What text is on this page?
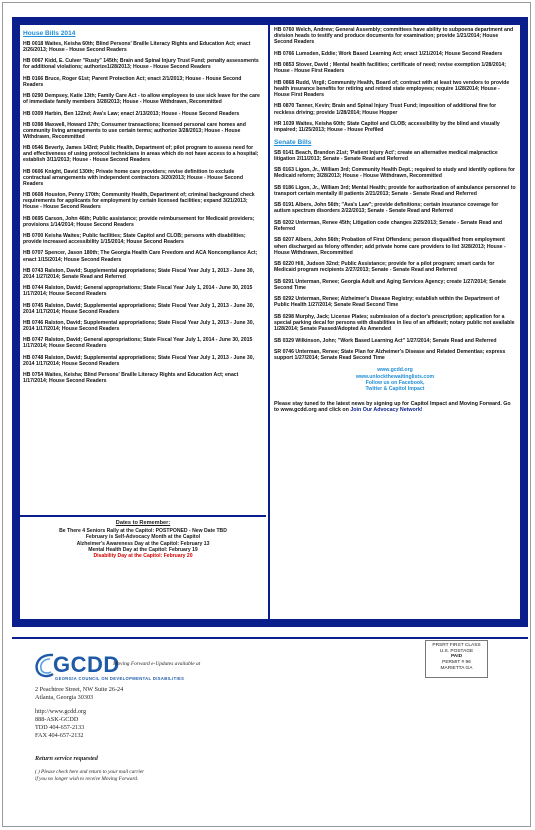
House Bills 2014
HB 0018 Waites, Keisha 60th; Blind Persons' Braille Literacy Rights and Education Act; enact 2/26/2013; House - House Second Readers
HB 0067 Kidd, E. Culver "Rusty" 145th; Brain and Spinal Injury Trust Fund; penalty assessments for additional violations; authorize1/28/2013; House - House Second Readers
HB 0166 Bruce, Roger 61st; Parent Protection Act; enact 2/1/2013; House - House Second Readers
HB 0290 Dempsey, Katie 13th; Family Care Act - to allow employees to use sick leave for the care of immediate family members 3/28/2013; House - House Withdrawn, Recommitted
HB 0309 Harbin, Ben 122nd; Ava's Law; enact 2/13/2013; House - House Second Readers
HB 0398 Maxwell, Howard 17th; Consumer transactions; licensed personal care homes and community living arrangements to use certain terms; authorize 3/28/2013; House - House Withdrawn, Recommitted
HB 0546 Beverly, James 143rd; Public Health, Department of; pilot program to assess need for and effectiveness of using protocol technicians in areas which do not have access to a hospital; establish 3/11/2013; House - House Second Readers
HB 0606 Knight, David 130th; Private home care providers; revise definition to exclude contractual arrangements with independent contractors 3/20/2013; House - House Second Readers
HB 0608 Houston, Penny 170th; Community Health, Department of; criminal background check requirements for applicants for employment by certain licensed facilities; expand 3/21/2013; House - House Second Readers
HB 0695 Carson, John 46th; Public assistance; provide reimbursement for Medicaid providers; provisions 1/14/2014; House Second Readers
HB 0700 Keisha Waites; Public facilities; State Capitol and CLOB; persons with disabilities; provide increased accessibility 1/15/2014; House Second Readers
HB 0707 Spencer, Jason 180th; The Georgia Health Care Freedom and ACA Noncompliance Act; enact 1/15/2014; House Second Readers
HB 0743 Ralston, David; Supplemental appropriations; State Fiscal Year July 1, 2013 - June 30, 2014 1/27/2014; Senate Read and Referred
HB 0744 Ralston, David; General appropriations; State Fiscal Year July 1, 2014 - June 30, 2015 1/17/2014; House Second Readers
HB 0745 Ralston, David; Supplemental appropriations; State Fiscal Year July 1, 2013 - June 30, 2014 1/17/2014; House Second Readers
HB 0746 Ralston, David; Supplemental appropriations; State Fiscal Year July 1, 2013 - June 30, 2014 1/17/2014; House Second Readers
HB 0747 Ralston, David; General appropriations; State Fiscal Year July 1, 2014 - June 30, 2015 1/17/2014; House Second Readers
HB 0748 Ralston, David; Supplemental appropriations; State Fiscal Year July 1, 2013 - June 30, 2014 1/17/2014; House Second Readers
HB 0754 Waites, Keisha; Blind Persons' Braille Literacy Rights and Education Act; enact 1/17/2014; House Second Readers
Dates to Remember:
Be There 4 Seniors Rally at the Capitol: POSTPONED - New Date TBD
February is Self-Advocacy Month at the Capitol
Alzheimer's Awareness Day at the Capitol: February 13
Mental Health Day at the Capitol: February 19
Disability Day at the Capitol: February 20
HB 0760 Welch, Andrew; General Assembly; committees have ability to subpoena department and division heads to testify and produce documents for examination; provide 1/21/2014; House Second Readers
HB 0766 Lumsden, Eddie; Work Based Learning Act; enact 1/21/2014; House Second Readers
HB 0853 Stover, David ; Mental health facilities; certificate of need; revise exemption 1/28/2014; House - House First Readers
HB 0868 Rudd, Virgil; Community Health, Board of; contract with at least two vendors to provide health insurance benefits for retiring and retired state employees; require 1/28/2014; House - House First Readers
HB 0870 Tanner, Kevin; Brain and Spinal Injury Trust Fund; imposition of additional fine for reckless driving; provide 1/28/2014; House Hopper
HR 1039 Waites, Keisha 60th; State Capitol and CLOB; accessibility by the blind and visually impaired; 11/25/2013; House - House Prefiled
Senate Bills
SB 0141 Beach, Brandon 21st; 'Patient Injury Act'; create an alternative medical malpractice litigation 2/11/2013; Senate - Senate Read and Referred
SB 0163 Ligon, Jr., William 3rd; Community Health Dept.; required to study and identify options for Medicaid reform; 3/28/2013; House - House Withdrawn, Recommitted
SB 0186 Ligon, Jr., William 3rd; Mental Health; provide for authorization of ambulance personnel to transport certain mentally ill patients 2/21/2013; Senate - Senate Read and Referred
SB 0191 Albers, John 56th; "Ava's Law"; provide definitions; certain insurance coverage for autism spectrum disorders 2/22/2013; Senate - Senate Read and Referred
SB 0202 Unterman, Renee 45th; Litigation code changes 2/25/2013; Senate - Senate Read and Referred
SB 0207 Albers, John 56th; Probation of First Offenders; person disqualified from employment when discharged as felony offender; add private home care providers to list 3/28/2013; House - House Withdrawn, Recommitted
SB 0220 Hill, Judson 32nd; Public Assistance; provide for a pilot program; smart cards for Medicaid program recipients 2/27/2013; Senate - Senate Read and Referred
SB 0291 Unterman, Renee; Georgia Adult and Aging Services Agency; create 1/27/2014; Senate Second Time
SB 0292 Unterman, Renee; Alzheimer's Disease Registry; establish within the Department of Public Health 1/27/2014; Senate Read Second Time
SB 0298 Murphy, Jack; License Plates; submission of a doctor's prescription; application for a special parking decal for persons with disabilities in lieu of an affidavit; notary public not available 1/28/2014; Senate Passed/Adopted As Amended
SB 0329 Wilkinson, John; "Work Based Learning Act" 1/27/2014; Senate Read and Referred
SR 0746 Unterman, Renee; State Plan for Alzheimer's Disease and Related Dementias; express support 1/27/2014; Senate Read Second Time
www.gcdd.org
www.unlockthewaitinglists.com
Follow us on Facebook,
Twitter & Capitol Impact
Please stay tuned to the latest news by signing up for Capitol Impact and Moving Forward. Go to www.gcdd.org and click on Join Our Advocacy Network!
GCDD
GEORGIA COUNCIL ON DEVELOPMENTAL DISABILITIES
Moving Forward e-Updates available at
PRSRT FIRST CLASS
U.S. POSTAGE
PAID
PERMIT # 96
MARIETTA GA
2 Peachtree Street, NW Suite 26-24
Atlanta, Georgia 30303
http://www.gcdd.org
888-ASK-GCDD
TDD 404-657-2133
FAX 404-657-2132
Return service requested
( ) Please check here and return to your mail carrier
if you no longer wish to receive Moving Forward.
